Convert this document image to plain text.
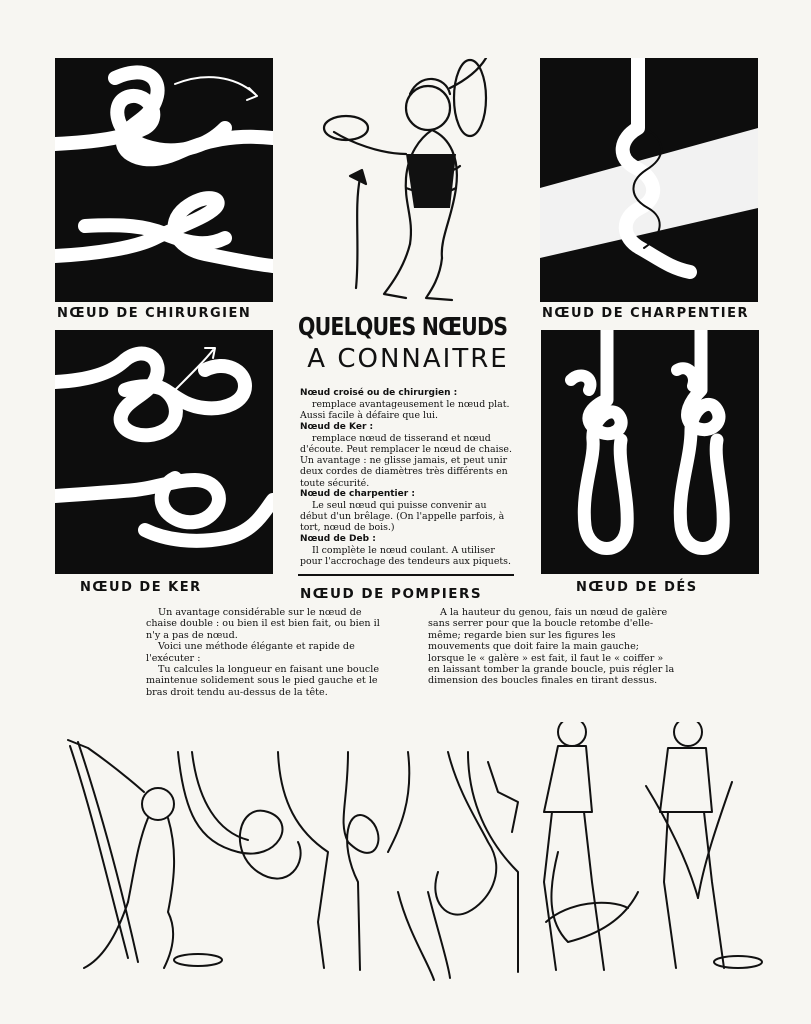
NŒUD DE CHIRURGIEN	NŒUD DE CHARPENTIER
NŒUD DE KER	NŒUD DE DÉS
QUELQUES NŒUDS
A CONNAITRE
Nœud croisé ou de chirurgien :
remplace avantageusement le nœud plat. Aussi facile à défaire que lui.
Nœud de Ker :
remplace nœud de tisserand et nœud d'écoute. Peut remplacer le nœud de chaise. Un avantage : ne glisse jamais, et peut unir deux cordes de diamètres très différents en toute sécurité.
Nœud de charpentier :
Le seul nœud qui puisse convenir au début d'un brêlage. (On l'appelle parfois, à tort, nœud de bois.)
Nœud de Deb :
Il complète le nœud coulant. A utiliser pour l'accrochage des tendeurs aux piquets.
NŒUD DE POMPIERS

Un avantage considérable sur le nœud de chaise double : ou bien il est bien fait, ou bien il n'y a pas de nœud.

Voici une méthode élégante et rapide de l'exécuter :

Tu calcules la longueur en faisant une boucle maintenue solidement sous le pied gauche et le bras droit tendu au-dessus de la tête.

A la hauteur du genou, fais un nœud de galère sans serrer pour que la boucle retombe d'elle-même; regarde bien sur les figures les mouvements que doit faire la main gauche; lorsque le « galère » est fait, il faut le « coiffer » en laissant tomber la grande boucle, puis régler la dimension des boucles finales en tirant dessus.
